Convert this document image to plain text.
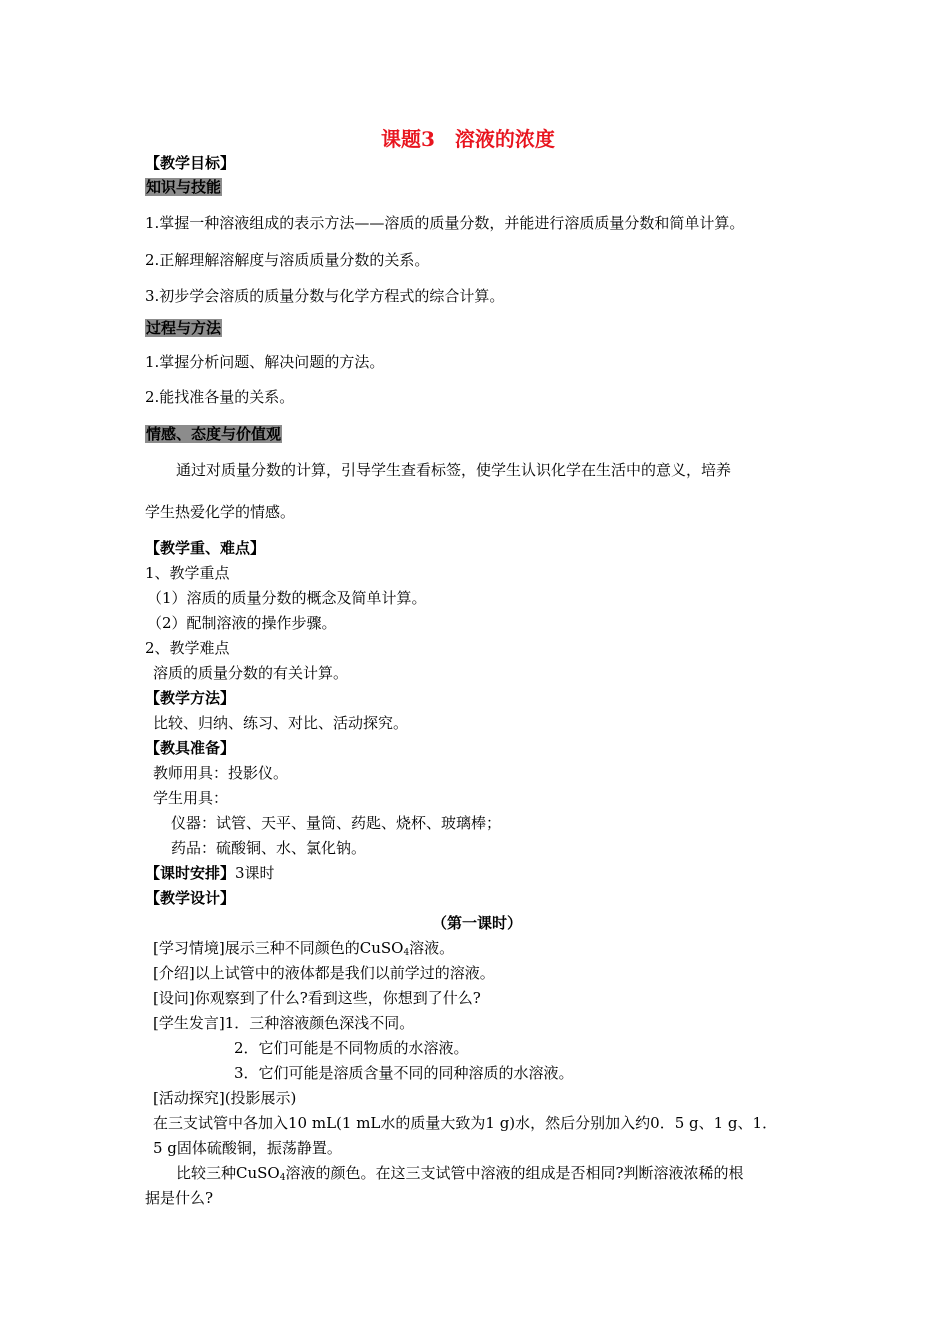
课题3　溶液的浓度
【教学目标】
知识与技能
1.掌握一种溶液组成的表示方法——溶质的质量分数，并能进行溶质质量分数和简单计算。
2.正解理解溶解度与溶质质量分数的关系。
3.初步学会溶质的质量分数与化学方程式的综合计算。
过程与方法
1.掌握分析问题、解决问题的方法。
2.能找准各量的关系。
情感、态度与价值观
通过对质量分数的计算，引导学生查看标签，使学生认识化学在生活中的意义，培养
学生热爱化学的情感。
【教学重、难点】
1、教学重点
（1）溶质的质量分数的概念及简单计算。
（2）配制溶液的操作步骤。
2、教学难点
溶质的质量分数的有关计算。
【教学方法】
比较、归纳、练习、对比、活动探究。
【教具准备】
教师用具：投影仪。
学生用具：
仪器：试管、天平、量筒、药匙、烧杯、玻璃棒；
药品：硫酸铜、水、氯化钠。
【课时安排】3课时
【教学设计】
（第一课时）
[学习情境]展示三种不同颜色的CuSO$_4$溶液。
[介绍]以上试管中的液体都是我们以前学过的溶液。
[设问]你观察到了什么?看到这些，你想到了什么?
[学生发言]1．三种溶液颜色深浅不同。
2．它们可能是不同物质的水溶液。
3．它们可能是溶质含量不同的同种溶质的水溶液。
[活动探究](投影展示)
在三支试管中各加入10 mL(1 mL水的质量大致为1 g)水，然后分别加入约0．5 g、1 g、1．
5 g固体硫酸铜，振荡静置。
比较三种CuSO$_4$溶液的颜色。在这三支试管中溶液的组成是否相同?判断溶液浓稀的根
据是什么?
